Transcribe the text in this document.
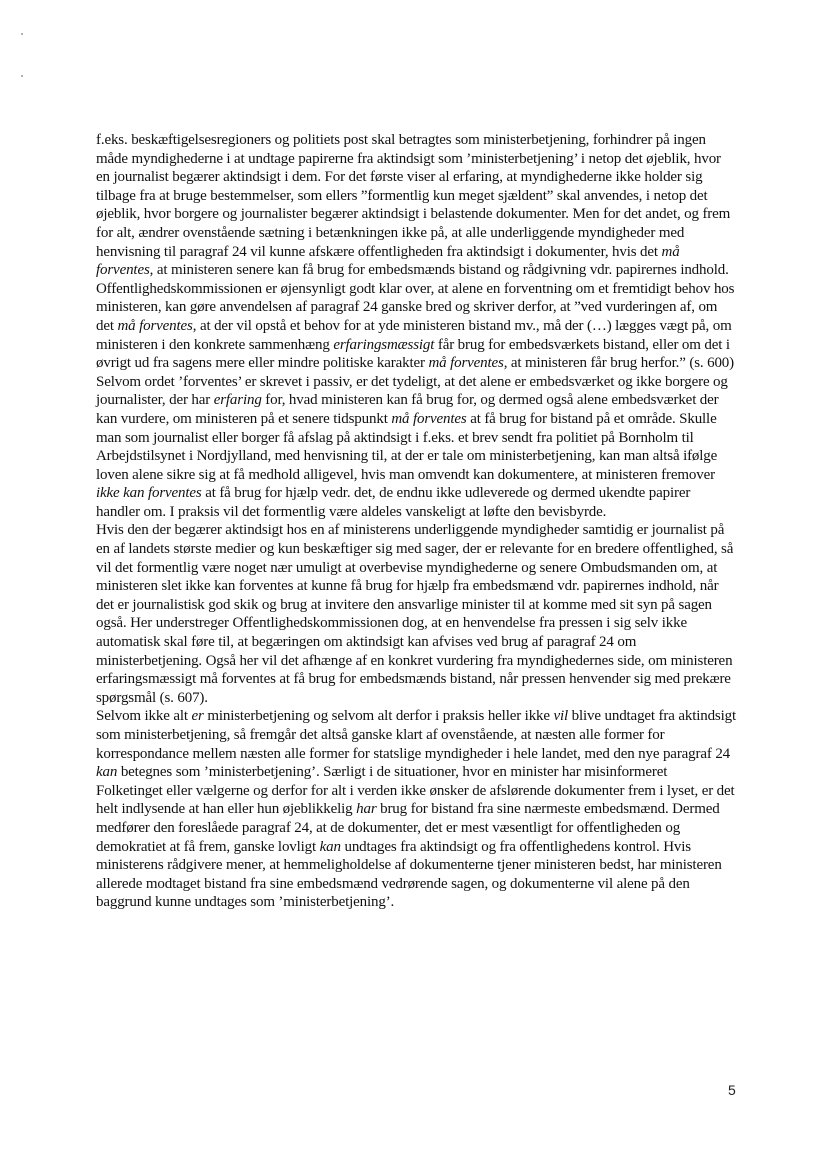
f.eks. beskæftigelsesregioners og politiets post skal betragtes som ministerbetjening, forhindrer på ingen måde myndighederne i at undtage papirerne fra aktindsigt som ’ministerbetjening’ i netop det øjeblik, hvor en journalist begærer aktindsigt i dem. For det første viser al erfaring, at myndighederne ikke holder sig tilbage fra at bruge bestemmelser, som ellers ”formentlig kun meget sjældent” skal anvendes, i netop det øjeblik, hvor borgere og journalister begærer aktindsigt i belastende dokumenter. Men for det andet, og frem for alt, ændrer ovenstående sætning i betænkningen ikke på, at alle underliggende myndigheder med henvisning til paragraf 24 vil kunne afskære offentligheden fra aktindsigt i dokumenter, hvis det må forventes, at ministeren senere kan få brug for embedsmænds bistand og rådgivning vdr. papirernes indhold.

Offentlighedskommissionen er øjensynligt godt klar over, at alene en forventning om et fremtidigt behov hos ministeren, kan gøre anvendelsen af paragraf 24 ganske bred og skriver derfor, at ”ved vurderingen af, om det må forventes, at der vil opstå et behov for at yde ministeren bistand mv., må der (…) lægges vægt på, om ministeren i den konkrete sammenhæng erfaringsmæssigt får brug for embedsværkets bistand, eller om det i øvrigt ud fra sagens mere eller mindre politiske karakter må forventes, at ministeren får brug herfor.” (s. 600)

Selvom ordet ’forventes’ er skrevet i passiv, er det tydeligt, at det alene er embedsværket og ikke borgere og journalister, der har erfaring for, hvad ministeren kan få brug for, og dermed også alene embedsværket der kan vurdere, om ministeren på et senere tidspunkt må forventes at få brug for bistand på et område. Skulle man som journalist eller borger få afslag på aktindsigt i f.eks. et brev sendt fra politiet på Bornholm til Arbejdstilsynet i Nordjylland, med henvisning til, at der er tale om ministerbetjening, kan man altså ifølge loven alene sikre sig at få medhold alligevel, hvis man omvendt kan dokumentere, at ministeren fremover ikke kan forventes at få brug for hjælp vedr. det, de endnu ikke udleverede og dermed ukendte papirer handler om. I praksis vil det formentlig være aldeles vanskeligt at løfte den bevisbyrde.

Hvis den der begærer aktindsigt hos en af ministerens underliggende myndigheder samtidig er journalist på en af landets største medier og kun beskæftiger sig med sager, der er relevante for en bredere offentlighed, så vil det formentlig være noget nær umuligt at overbevise myndighederne og senere Ombudsmanden om, at ministeren slet ikke kan forventes at kunne få brug for hjælp fra embedsmænd vdr. papirernes indhold, når det er journalistisk god skik og brug at invitere den ansvarlige minister til at komme med sit syn på sagen også. Her understreger Offentlighedskommissionen dog, at en henvendelse fra pressen i sig selv ikke automatisk skal føre til, at begæringen om aktindsigt kan afvises ved brug af paragraf 24 om ministerbetjening. Også her vil det afhænge af en konkret vurdering fra myndighedernes side, om ministeren erfaringsmæssigt må forventes at få brug for embedsmænds bistand, når pressen henvender sig med prekære spørgsmål (s. 607).

Selvom ikke alt er ministerbetjening og selvom alt derfor i praksis heller ikke vil blive undtaget fra aktindsigt som ministerbetjening, så fremgår det altså ganske klart af ovenstående, at næsten alle former for korrespondance mellem næsten alle former for statslige myndigheder i hele landet, med den nye paragraf 24 kan betegnes som ’ministerbetjening’. Særligt i de situationer, hvor en minister har misinformeret Folketinget eller vælgerne og derfor for alt i verden ikke ønsker de afslørende dokumenter frem i lyset, er det helt indlysende at han eller hun øjeblikkelig har brug for bistand fra sine nærmeste embedsmænd. Dermed medfører den foreslåede paragraf 24, at de dokumenter, det er mest væsentligt for offentligheden og demokratiet at få frem, ganske lovligt kan undtages fra aktindsigt og fra offentlighedens kontrol. Hvis ministerens rådgivere mener, at hemmeligholdelse af dokumenterne tjener ministeren bedst, har ministeren allerede modtaget bistand fra sine embedsmænd vedrørende sagen, og dokumenterne vil alene på den baggrund kunne undtages som ’ministerbetjening’.

5
